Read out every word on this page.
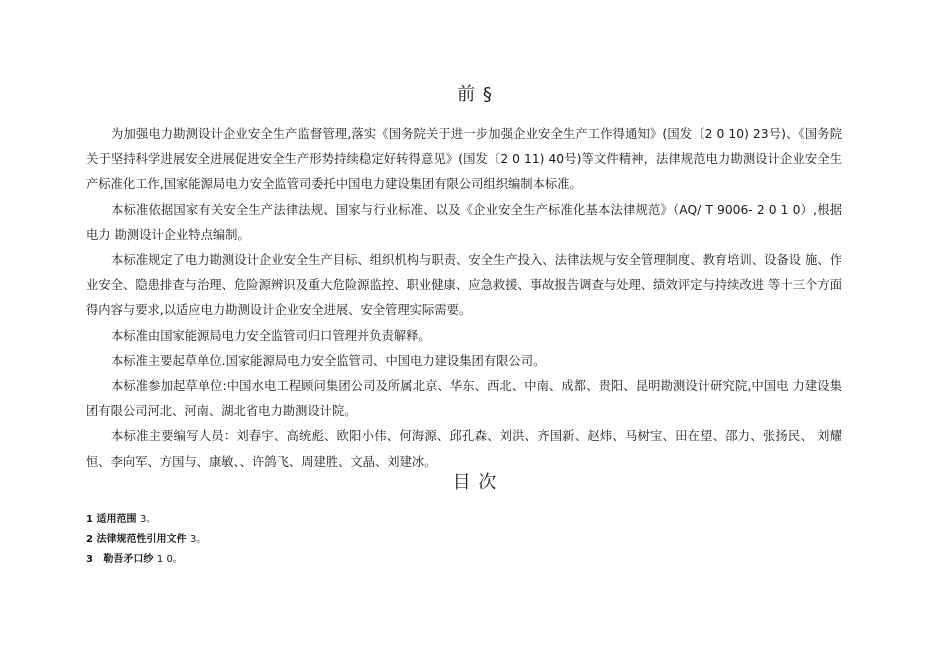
前 §

为加强电力勘测设计企业安全生产监督管理,落实《国务院关于进一步加强企业安全生产工作得通知》(国发〔2 0 10) 23号)、《国务院关于坚持科学进展安全进展促进安全生产形势持续稳定好转得意见》(国发〔2 0 11) 40号)等文件精神，法律规范电力勘测设计企业安全生产标准化工作,国家能源局电力安全监管司委托中国电力建设集团有限公司组织编制本标准。

本标准依据国家有关安全生产法律法规、国家与行业标准、以及《企业安全生产标准化基本法律规范》（AQ/ T 9006- 2 0 1 0）,根据电力 勘测设计企业特点编制。

本标准规定了电力勘测设计企业安全生产目标、组织机构与职责、安全生产投入、法律法规与安全管理制度、教育培训、设备设 施、作业安全、隐患排查与治理、危险源辨识及重大危险源监控、职业健康、应急救援、事故报告调查与处理、绩效评定与持续改进 等十三个方面得内容与要求,以适应电力勘测设计企业安全进展、安全管理实际需要。

本标准由国家能源局电力安全监管司归口管理并负责解释。

本标准主要起草单位.国家能源局电力安全监管司、中国电力建设集团有限公司。

本标准参加起草单位:中国水电工程顾问集团公司及所属北京、华东、西北、中南、成都、贵阳、昆明勘测设计研究院,中国电 力建设集团有限公司河北、河南、湖北省电力勘测设计院。

本标准主要编写人员：刘春宇、高统彪、欧阳小伟、何海源、邱孔森、刘洪、齐国新、赵炜、马树宝、田在望、邵力、张扬民、 刘耀恒、李向军、方国与、康敏、、许鸽飞、周建胜、文晶、刘建冰。

目 次
1 适用范围 3。
2 法律规范性引用文件 3。
3   勒吾矛口纱 1 0。
